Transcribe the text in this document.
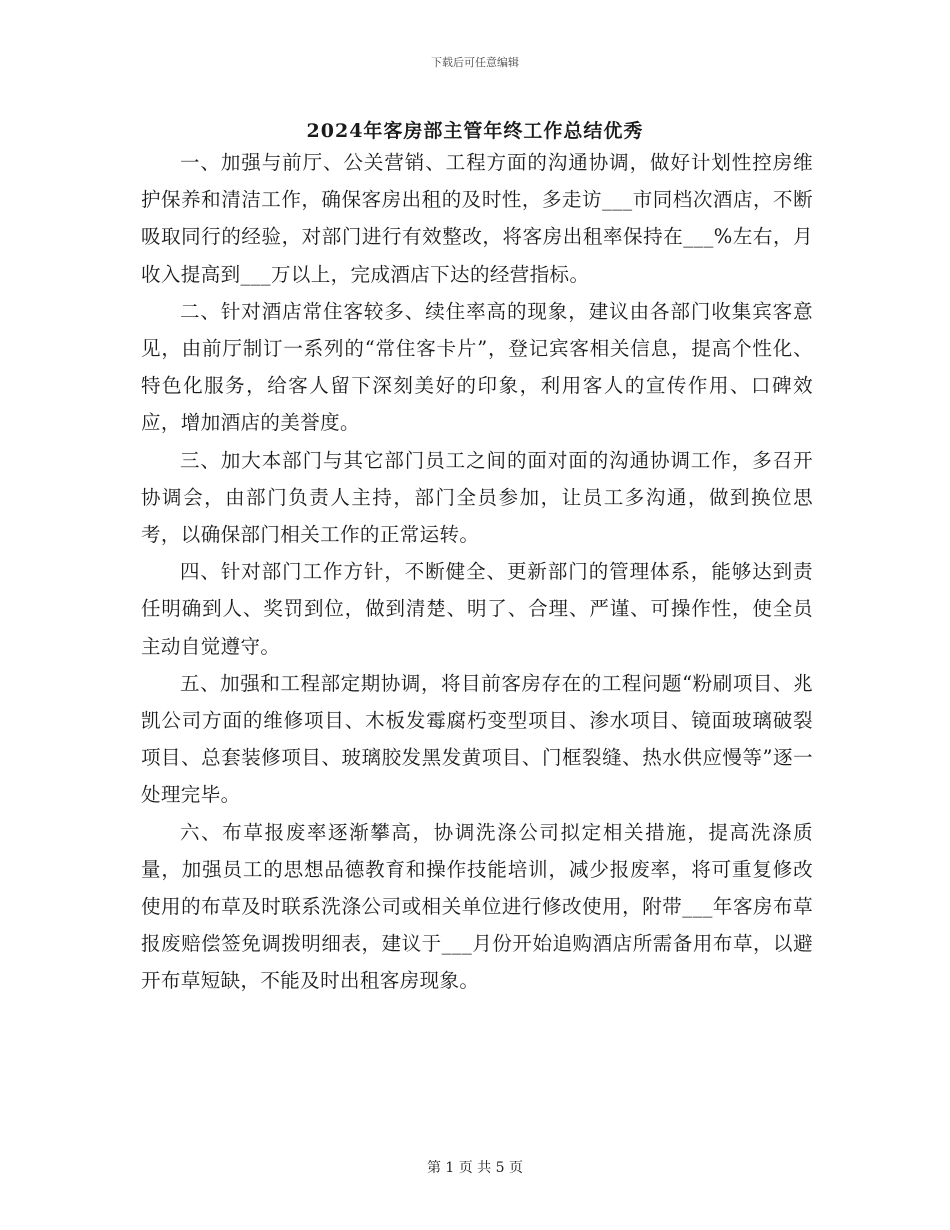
下载后可任意编辑
2024年客房部主管年终工作总结优秀

一、加强与前厅、公关营销、工程方面的沟通协调，做好计划性控房维护保养和清洁工作，确保客房出租的及时性，多走访___市同档次酒店，不断吸取同行的经验，对部门进行有效整改，将客房出租率保持在___%左右，月收入提高到___万以上，完成酒店下达的经营指标。

二、针对酒店常住客较多、续住率高的现象，建议由各部门收集宾客意见，由前厅制订一系列的“常住客卡片”，登记宾客相关信息，提高个性化、特色化服务，给客人留下深刻美好的印象，利用客人的宣传作用、口碑效应，增加酒店的美誉度。

三、加大本部门与其它部门员工之间的面对面的沟通协调工作，多召开协调会，由部门负责人主持，部门全员参加，让员工多沟通，做到换位思考，以确保部门相关工作的正常运转。

四、针对部门工作方针，不断健全、更新部门的管理体系，能够达到责任明确到人、奖罚到位，做到清楚、明了、合理、严谨、可操作性，使全员主动自觉遵守。

五、加强和工程部定期协调，将目前客房存在的工程问题“粉刷项目、兆凯公司方面的维修项目、木板发霉腐朽变型项目、渗水项目、镜面玻璃破裂项目、总套装修项目、玻璃胶发黑发黄项目、门框裂缝、热水供应慢等”逐一处理完毕。

六、布草报废率逐渐攀高，协调洗涤公司拟定相关措施，提高洗涤质量，加强员工的思想品德教育和操作技能培训，减少报废率，将可重复修改使用的布草及时联系洗涤公司或相关单位进行修改使用，附带___年客房布草报废赔偿签免调拨明细表，建议于___月份开始追购酒店所需备用布草，以避开布草短缺，不能及时出租客房现象。

第 1 页 共 5 页
